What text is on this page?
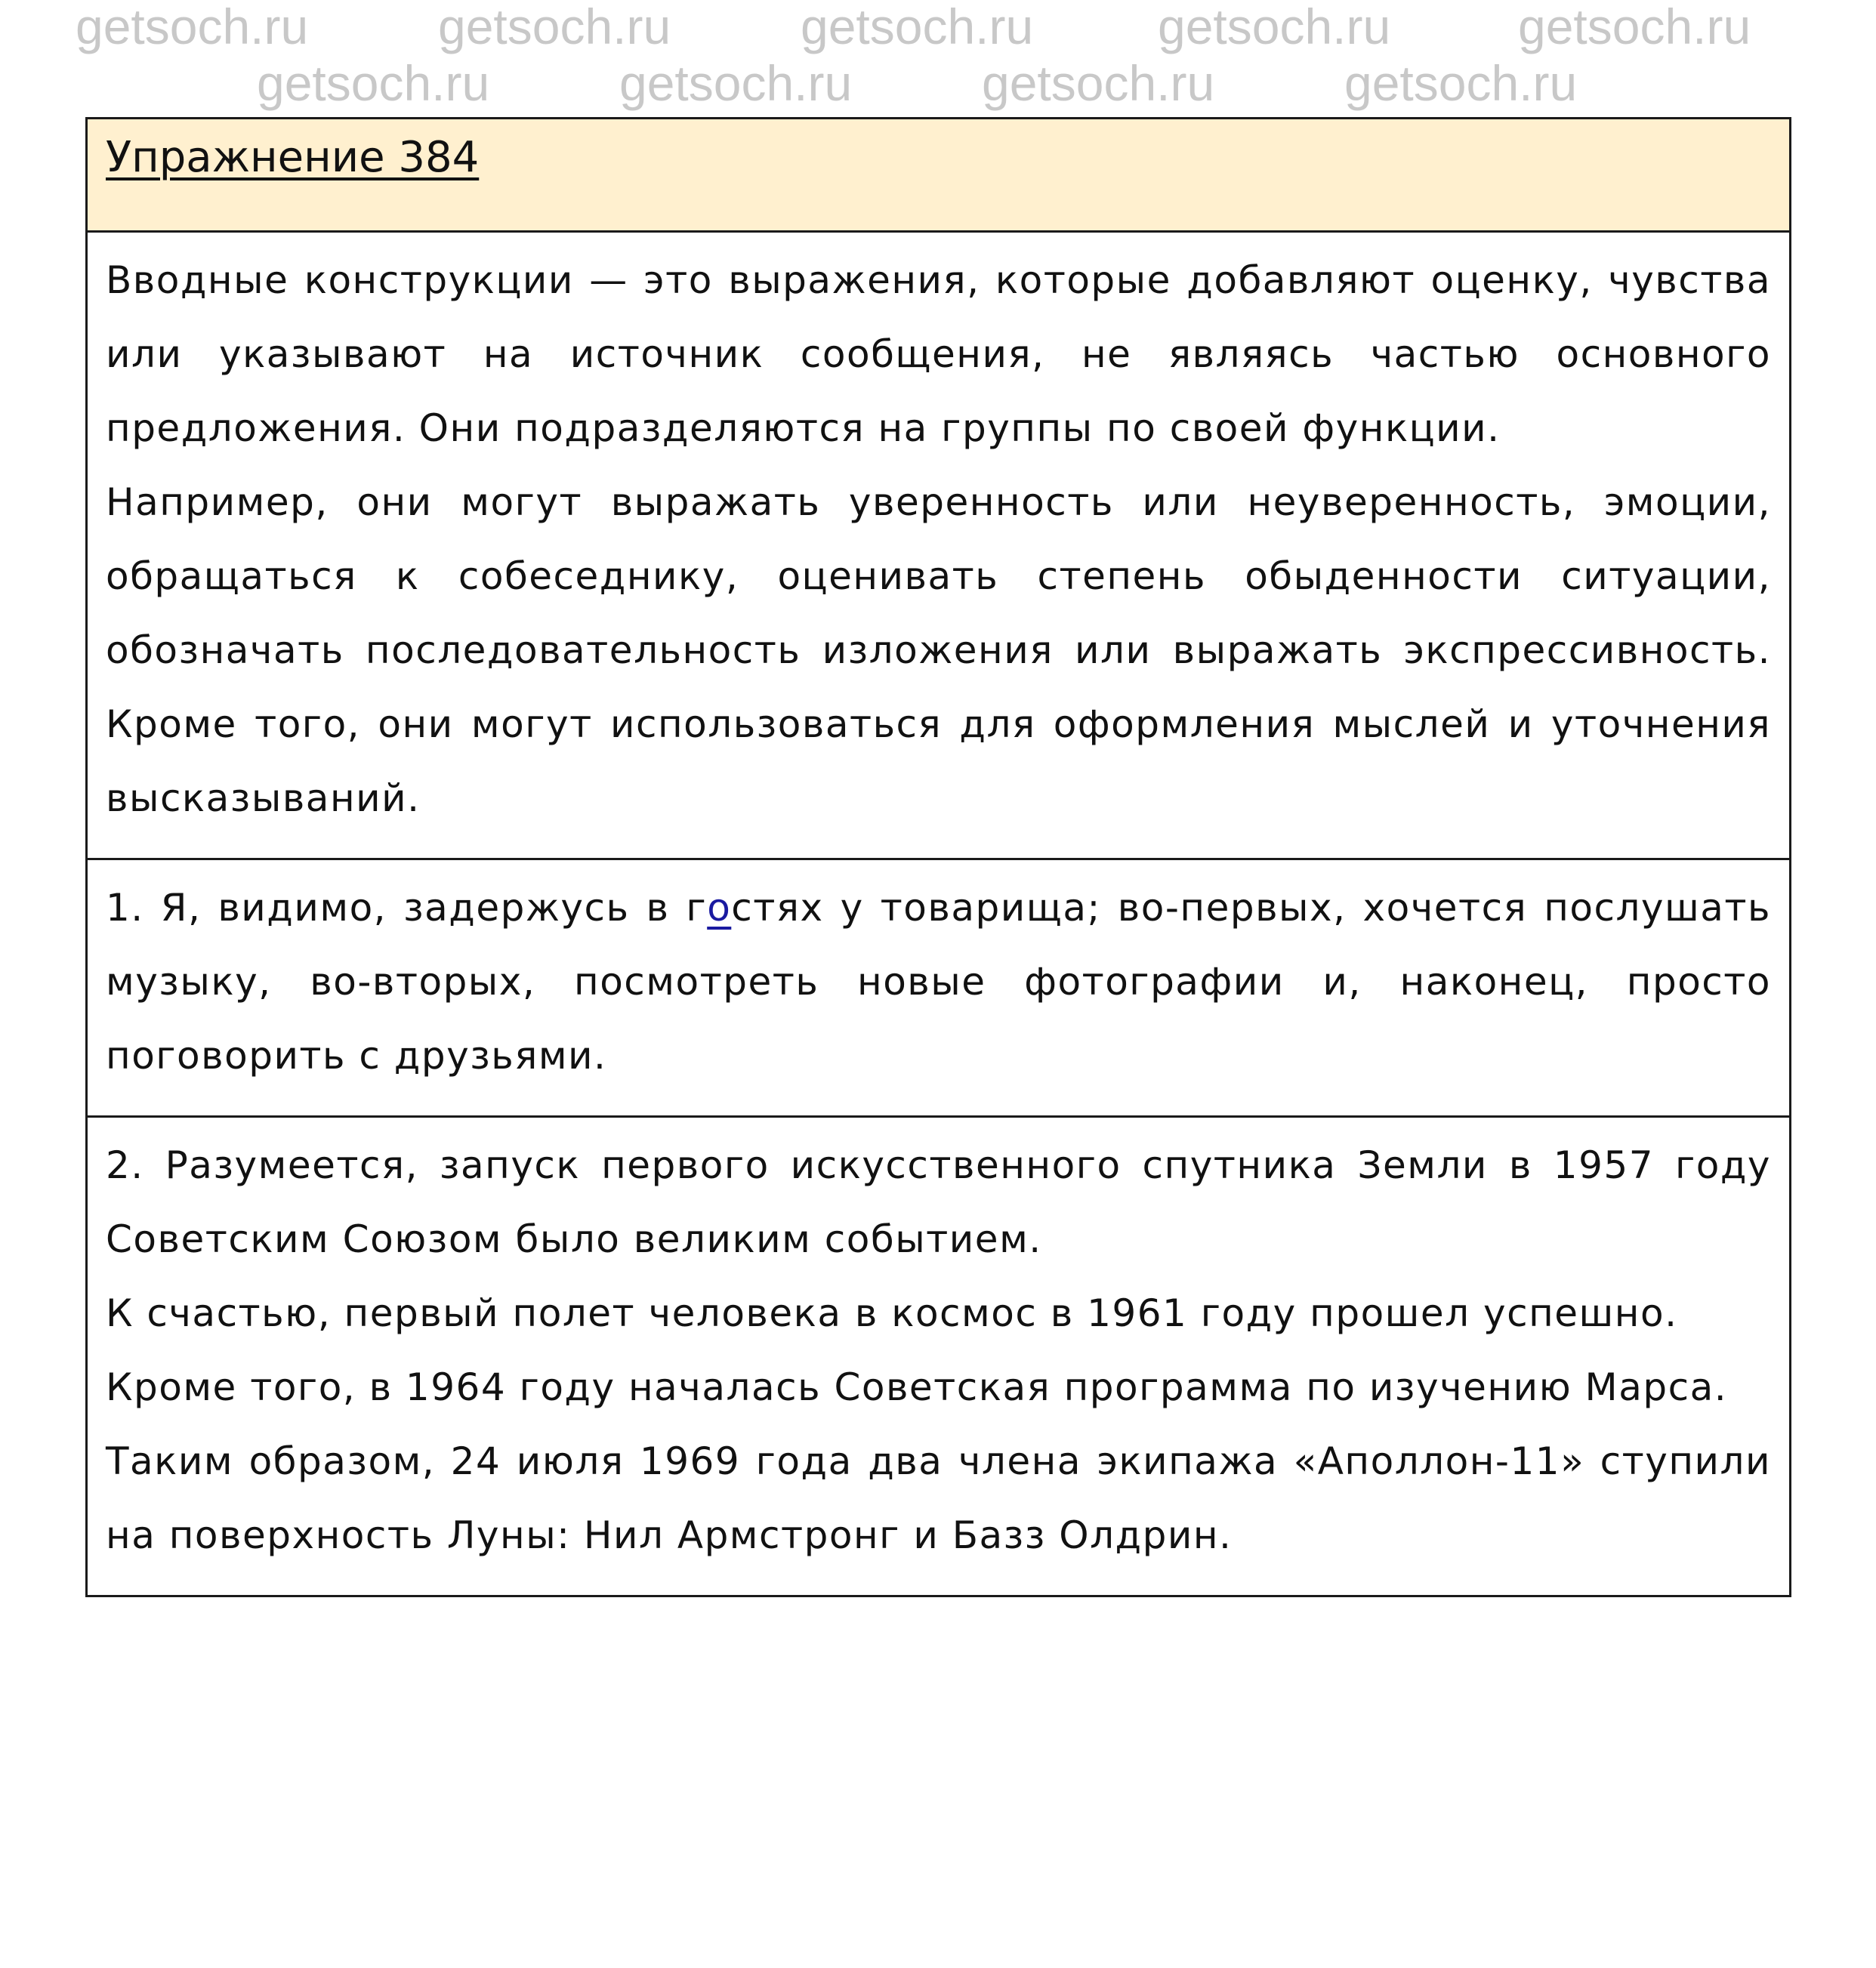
Упражнение 384

Вводные конструкции — это выражения, которые добавляют оценку, чувства или указывают на источник сообщения, не являясь частью основного предложения. Они подразделяются на группы по своей функции.

Например, они могут выражать уверенность или неуверенность, эмоции, обращаться к собеседнику, оценивать степень обыденности ситуации, обозначать последовательность изложения или выражать экспрессивность. Кроме того, они могут использоваться для оформления мыслей и уточнения высказываний.

1. Я, видимо, задержусь в гостях у товарища; во-первых, хочется послушать музыку, во-вторых, посмотреть новые фотографии и, наконец, просто поговорить с друзьями.

2. Разумеется, запуск первого искусственного спутника Земли в 1957 году Советским Союзом было великим событием.

К счастью, первый полет человека в космос в 1961 году прошел успешно.

Кроме того, в 1964 году началась Советская программа по изучению Марса.

Таким образом, 24 июля 1969 года два члена экипажа «Аполлон-11» ступили на поверхность Луны: Нил Армстронг и Базз Олдрин.

getsoch.ru	getsoch.ru	getsoch.ru getsoch.ru	getsoch.ru
getsoch.ru	getsoch.ru	getsoch.ru	getsoch.ru
